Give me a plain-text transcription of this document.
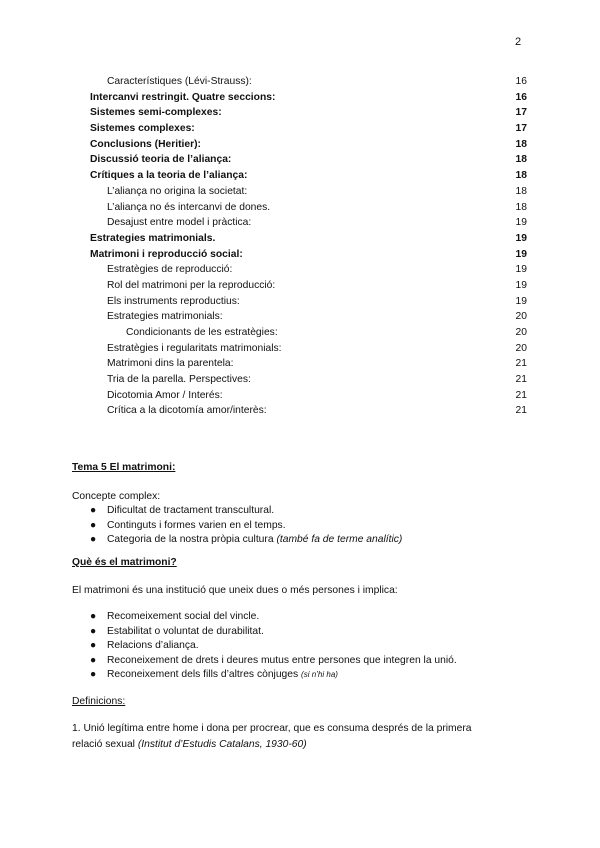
2
Característiques (Lévi-Strauss):	16
Intercanvi restringit. Quatre seccions:	16
Sistemes semi-complexes:	17
Sistemes complexes:	17
Conclusions (Heritier):	18
Discussió teoria de l’aliança:	18
Crítiques a la teoria de l’aliança:	18
L’aliança no origina la societat:	18
L’aliança no és intercanvi de dones.	18
Desajust entre model i pràctica:	19
Estrategies matrimonials.	19
Matrimoni i reproducció social:	19
Estratègies de reproducció:	19
Rol del matrimoni per la reproducció:	19
Els instruments reproductius:	19
Estrategies matrimonials:	20
Condicionants de les estratègies:	20
Estratègies i regularitats matrimonials:	20
Matrimoni dins la parentela:	21
Tria de la parella. Perspectives:	21
Dicotomia Amor / Interés:	21
Crítica a la dicotomía amor/interès:	21
Tema 5 El matrimoni:
Concepte complex:
● Dificultat de tractament transcultural.
● Continguts i formes varien en el temps.
● Categoria de la nostra pròpia cultura (també fa de terme analític)
Què és el matrimoni?
El matrimoni és una institució que uneix dues o més persones i implica:
● Recomeixement social del vincle.
● Estabilitat o voluntat de durabilitat.
● Relacions d’aliança.
● Reconeixement de drets i deures mutus entre persones que integren la unió.
● Reconeixement dels fills d’altres cònjuges (si n’hi ha)
Definicions:
1. Unió legítima entre home i dona per procrear, que es consuma després de la primera
relació sexual (Institut d’Estudis Catalans, 1930-60)
